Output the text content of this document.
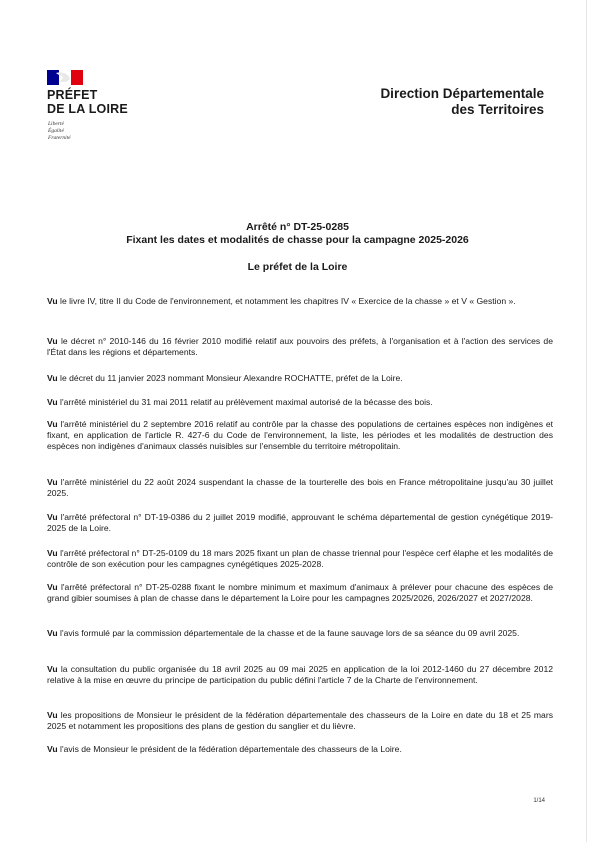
PRÉFET
DE LA LOIRE
Liberté
Égalité
Fraternité
Direction Départementale
des Territoires
Arrêté n° DT-25-0285
Fixant les dates et modalités de chasse pour la campagne 2025-2026
Le préfet de la Loire

Vu le livre IV, titre II du Code de l'environnement, et notamment les chapitres IV « Exercice de la chasse » et V « Gestion ».

Vu le décret n° 2010-146 du 16 février 2010 modifié relatif aux pouvoirs des préfets, à l'organisation et à l'action des services de l'État dans les régions et départements.

Vu le décret du 11 janvier 2023 nommant Monsieur Alexandre ROCHATTE, préfet de la Loire.

Vu l'arrêté ministériel du 31 mai 2011 relatif au prélèvement maximal autorisé de la bécasse des bois.

Vu l'arrêté ministériel du 2 septembre 2016 relatif au contrôle par la chasse des populations de certaines espèces non indigènes et fixant, en application de l'article R. 427-6 du Code de l'environnement, la liste, les périodes et les modalités de destruction des espèces non indigènes d'animaux classés nuisibles sur l'ensemble du territoire métropolitain.

Vu l'arrêté ministériel du 22 août 2024 suspendant la chasse de la tourterelle des bois en France métropolitaine jusqu'au 30 juillet 2025.

Vu l'arrêté préfectoral n° DT-19-0386 du 2 juillet 2019 modifié, approuvant le schéma départemental de gestion cynégétique 2019-2025 de la Loire.

Vu l'arrêté préfectoral n° DT-25-0109 du 18 mars 2025 fixant un plan de chasse triennal pour l'espèce cerf élaphe et les modalités de contrôle de son exécution pour les campagnes cynégétiques 2025-2028.

Vu l'arrêté préfectoral n° DT-25-0288 fixant le nombre minimum et maximum d'animaux à prélever pour chacune des espèces de grand gibier soumises à plan de chasse dans le département la Loire pour les campagnes 2025/2026, 2026/2027 et 2027/2028.

Vu l'avis formulé par la commission départementale de la chasse et de la faune sauvage lors de sa séance du 09 avril 2025.

Vu la consultation du public organisée du 18 avril 2025 au 09 mai 2025 en application de la loi 2012-1460 du 27 décembre 2012 relative à la mise en œuvre du principe de participation du public défini l'article 7 de la Charte de l'environnement.

Vu les propositions de Monsieur le président de la fédération départementale des chasseurs de la Loire en date du 18 et 25 mars 2025 et notamment les propositions des plans de gestion du sanglier et du lièvre.

Vu l'avis de Monsieur le président de la fédération départementale des chasseurs de la Loire.

1/14
